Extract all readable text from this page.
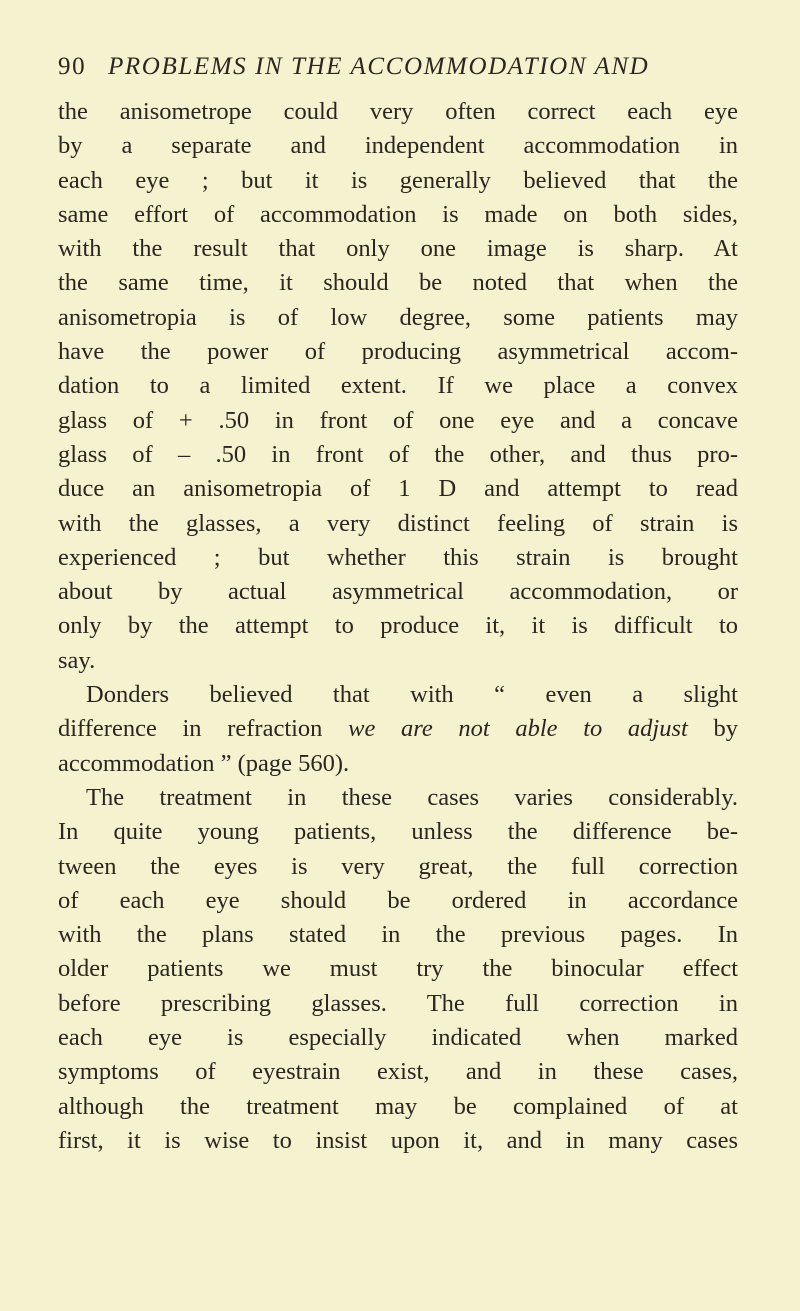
90 PROBLEMS IN THE ACCOMMODATION AND
the anisometrope could very often correct each eye
by a separate and independent accommodation in
each eye ; but it is generally believed that the
same effort of accommodation is made on both sides,
with the result that only one image is sharp. At
the same time, it should be noted that when the
anisometropia is of low degree, some patients may
have the power of producing asymmetrical accom-
dation to a limited extent. If we place a convex
glass of + .50 in front of one eye and a concave
glass of – .50 in front of the other, and thus pro-
duce an anisometropia of 1 D and attempt to read
with the glasses, a very distinct feeling of strain is
experienced ; but whether this strain is brought
about by actual asymmetrical accommodation, or
only by the attempt to produce it, it is difficult to
say.
Donders believed that with “ even a slight
difference in refraction we are not able to adjust by
accommodation ” (page 560).
The treatment in these cases varies considerably.
In quite young patients, unless the difference be-
tween the eyes is very great, the full correction
of each eye should be ordered in accordance
with the plans stated in the previous pages. In
older patients we must try the binocular effect
before prescribing glasses. The full correction in
each eye is especially indicated when marked
symptoms of eyestrain exist, and in these cases,
although the treatment may be complained of at
first, it is wise to insist upon it, and in many cases
